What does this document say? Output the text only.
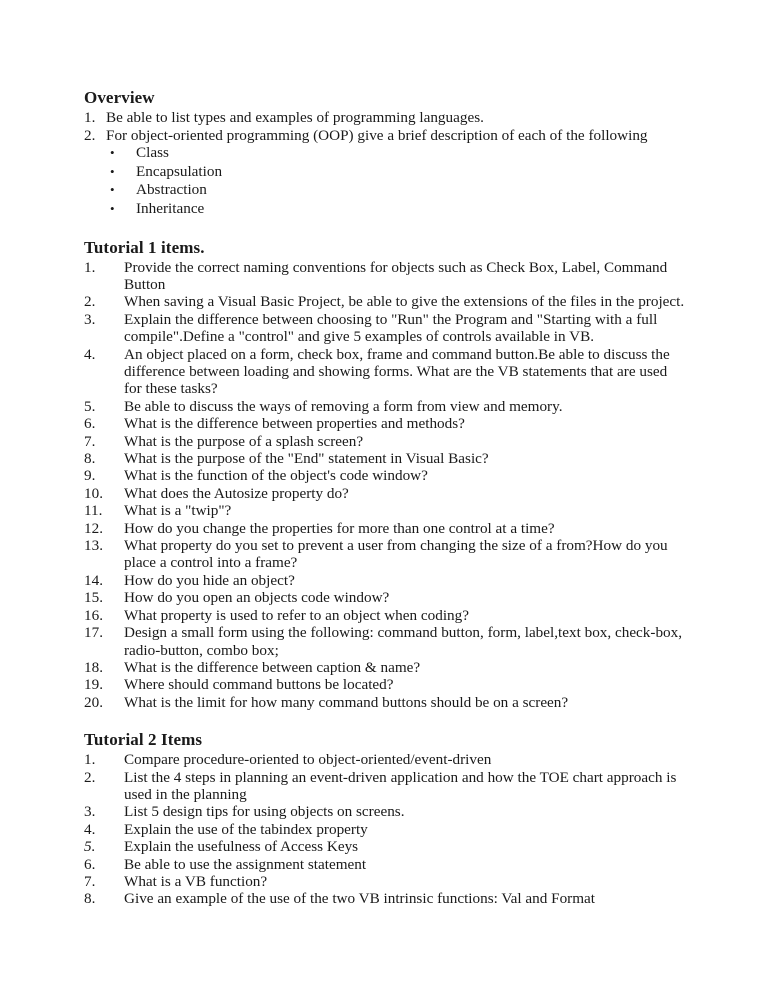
Overview
1. Be able to list types and examples of programming languages.
2. For object-oriented programming (OOP) give a brief description of each of the following
• Class
• Encapsulation
• Abstraction
• Inheritance
Tutorial 1 items.
1.	Provide the correct naming conventions for objects such as Check Box, Label, Command Button
2.	When saving a Visual Basic Project, be able to give the extensions of the files in the project.
3.	Explain the difference between choosing to "Run" the Program and "Starting with a full compile".Define a "control" and give 5 examples of controls available in VB.
4.	An object placed on a form, check box, frame and command button.Be able to discuss the difference between loading and showing forms. What are the VB statements that are used for these tasks?
5.	Be able to discuss the ways of removing a form from view and memory.
6.	What is the difference between properties and methods?
7.	What is the purpose of a splash screen?
8.	What is the purpose of the "End" statement in Visual Basic?
9.	What is the function of the object's code window?
10.	What does the Autosize property do?
11.	What is a "twip"?
12.	How do you change the properties for more than one control at a time?
13.	What property do you set to prevent a user from changing the size of a from?How do you place a control into a frame?
14.	How do you hide an object?
15.	How do you open an objects code window?
16.	What property is used to refer to an object when coding?
17.	Design a small form using the following: command button, form, label,text box, check-box, radio-button, combo box;
18.	What is the difference between caption & name?
19.	Where should command buttons be located?
20.	What is the limit for how many command buttons should be on a screen?
Tutorial 2 Items
1.	Compare procedure-oriented to object-oriented/event-driven
2.	List the 4 steps in planning an event-driven application and how the TOE chart approach is used in the planning
3.	List 5 design tips for using objects on screens.
4.	Explain the use of the tabindex property
5.	Explain the usefulness of Access Keys
6.	Be able to use the assignment statement
7.	What is a VB function?
8.	Give an example of the use of the two VB intrinsic functions: Val and Format
